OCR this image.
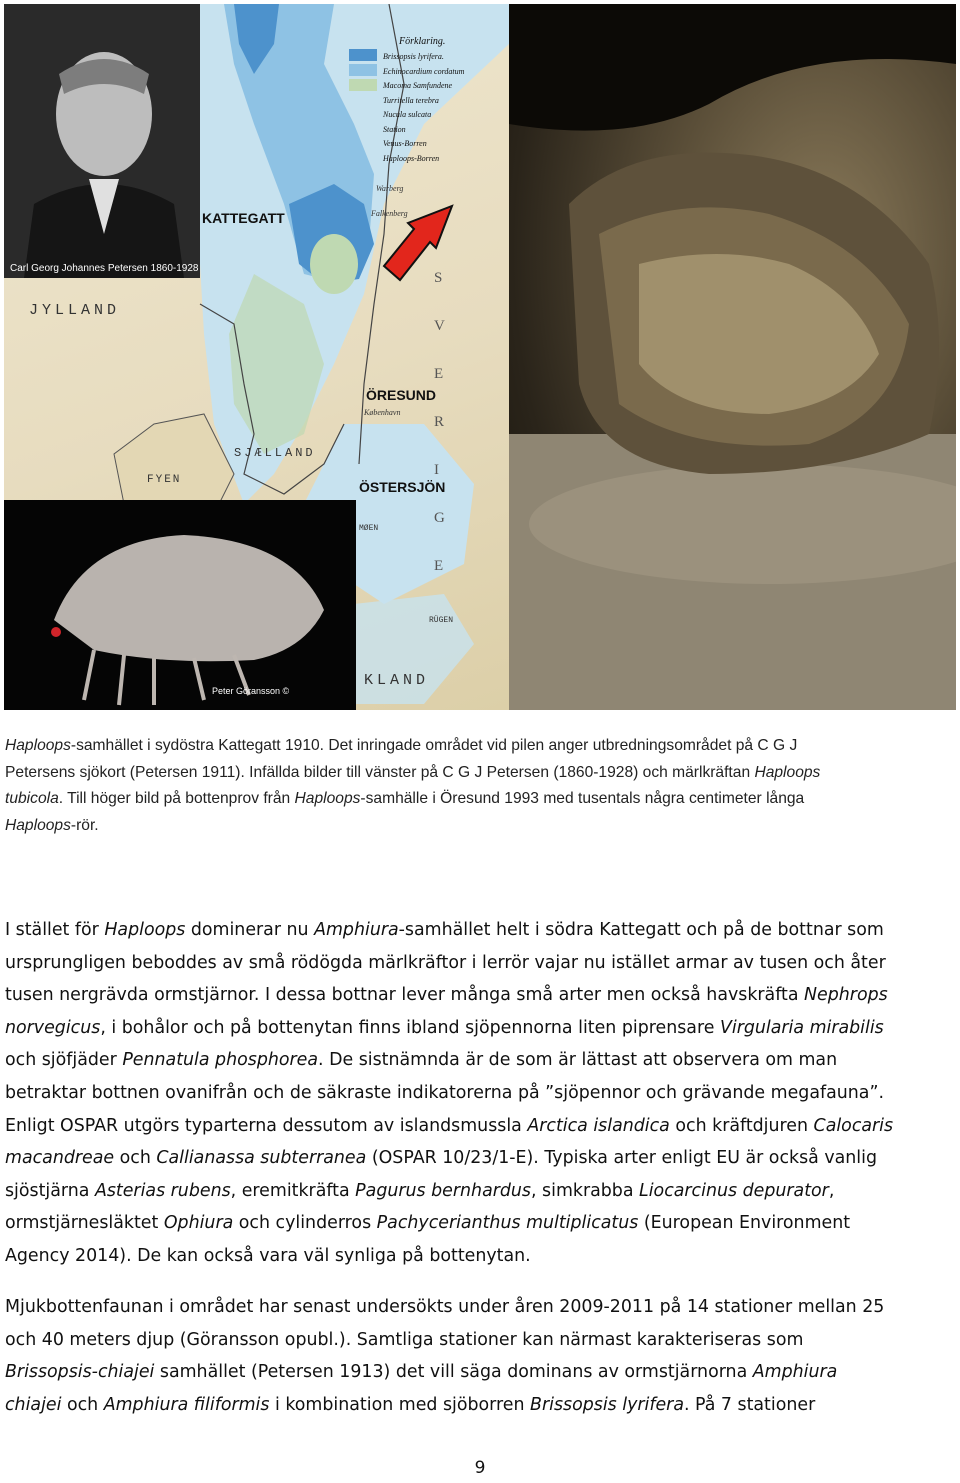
Förklaring.
Brissopsis lyrifera.
Echinocardium cordatum
Macoma Samfundene
Turritella terebra
Nucula sulcata
Station
Venus-Borren
Haploops-Borren
KATTEGATT
JYLLAND
SVERIGE
ÖRESUND
SJÆLLAND
ÖSTERSJÖN
FYEN
MØEN
RÜGEN
KLAND
København
Falkenberg
Warberg
Carl Georg Johannes Petersen 1860-1928
Peter Göransson ©
Haploops-samhället i sydöstra Kattegatt 1910. Det inringade området vid pilen anger utbredningsområdet på C G J
Petersens sjökort (Petersen 1911). Infällda bilder till vänster på C G J Petersen (1860-1928) och märlkräftan Haploops
tubicola. Till höger bild på bottenprov från Haploops-samhälle i Öresund 1993 med tusentals några centimeter långa
Haploops-rör.
I stället för Haploops dominerar nu Amphiura-samhället helt i södra Kattegatt och på de bottnar som
ursprungligen beboddes av små rödögda märlkräftor i lerrör vajar nu istället armar av tusen och åter
tusen nergrävda ormstjärnor. I dessa bottnar lever många små arter men också havskräfta Nephrops
norvegicus, i bohålor och på bottenytan finns ibland sjöpennorna liten piprensare Virgularia mirabilis
och sjöfjäder Pennatula phosphorea. De sistnämnda är de som är lättast att observera om man
betraktar bottnen ovanifrån och de säkraste indikatorerna på ”sjöpennor och grävande megafauna”.
Enligt OSPAR utgörs typarterna dessutom av islandsmussla Arctica islandica och kräftdjuren Calocaris
macandreae och Callianassa subterranea (OSPAR 10/23/1-E). Typiska arter enligt EU är också vanlig
sjöstjärna Asterias rubens, eremitkräfta Pagurus bernhardus, simkrabba Liocarcinus depurator,
ormstjärnesläktet Ophiura och cylinderros Pachycerianthus multiplicatus (European Environment
Agency 2014). De kan också vara väl synliga på bottenytan.
Mjukbottenfaunan i området har senast undersökts under åren 2009-2011 på 14 stationer mellan 25
och 40 meters djup (Göransson opubl.). Samtliga stationer kan närmast karakteriseras som
Brissopsis-chiajei samhället (Petersen 1913) det vill säga dominans av ormstjärnorna Amphiura
chiajei och Amphiura filiformis i kombination med sjöborren Brissopsis lyrifera. På 7 stationer
9
